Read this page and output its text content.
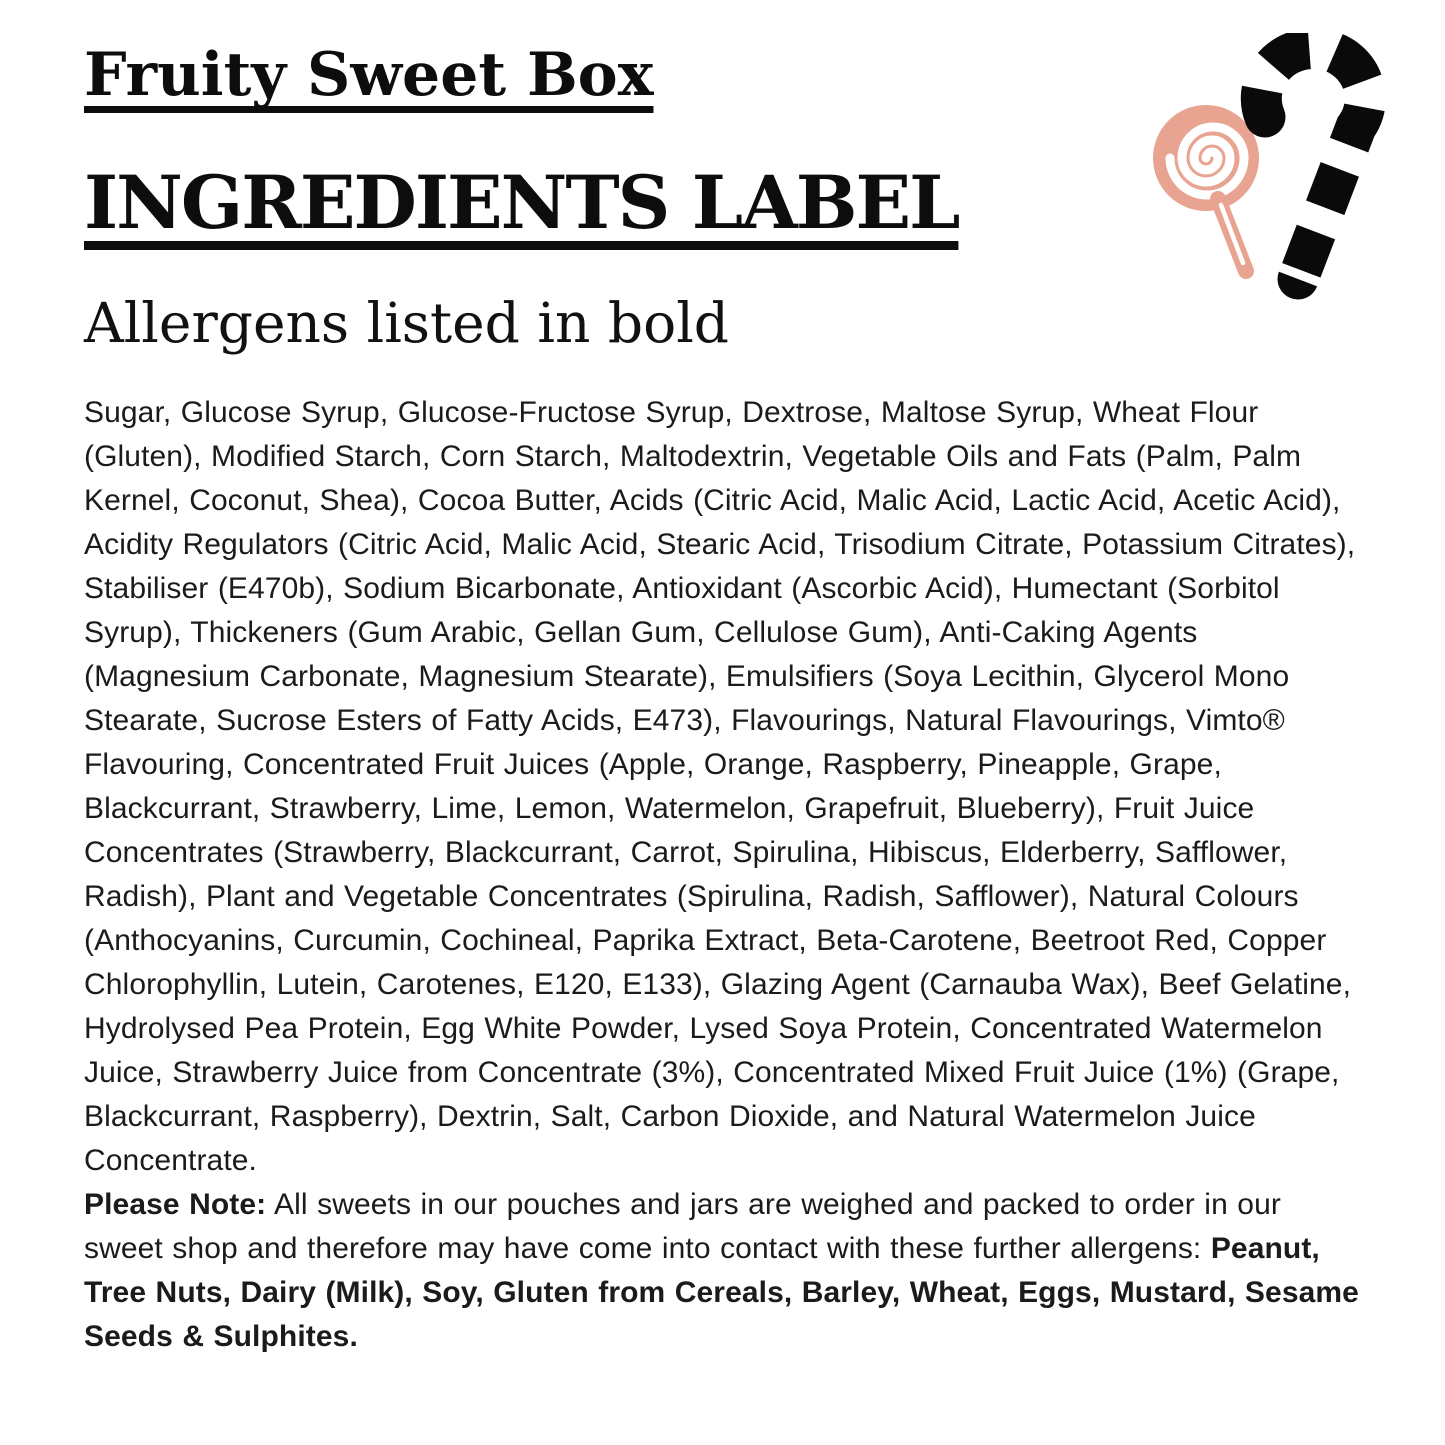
Fruity Sweet Box
INGREDIENTS LABEL
Allergens listed in bold

Sugar, Glucose Syrup, Glucose-Fructose Syrup, Dextrose, Maltose Syrup, Wheat Flour (Gluten), Modified Starch, Corn Starch, Maltodextrin, Vegetable Oils and Fats (Palm, Palm Kernel, Coconut, Shea), Cocoa Butter, Acids (Citric Acid, Malic Acid, Lactic Acid, Acetic Acid), Acidity Regulators (Citric Acid, Malic Acid, Stearic Acid, Trisodium Citrate, Potassium Citrates), Stabiliser (E470b), Sodium Bicarbonate, Antioxidant (Ascorbic Acid), Humectant (Sorbitol Syrup), Thickeners (Gum Arabic, Gellan Gum, Cellulose Gum), Anti-Caking Agents (Magnesium Carbonate, Magnesium Stearate), Emulsifiers (Soya Lecithin, Glycerol Mono Stearate, Sucrose Esters of Fatty Acids, E473), Flavourings, Natural Flavourings, Vimto® Flavouring, Concentrated Fruit Juices (Apple, Orange, Raspberry, Pineapple, Grape, Blackcurrant, Strawberry, Lime, Lemon, Watermelon, Grapefruit, Blueberry), Fruit Juice Concentrates (Strawberry, Blackcurrant, Carrot, Spirulina, Hibiscus, Elderberry, Safflower, Radish), Plant and Vegetable Concentrates (Spirulina, Radish, Safflower), Natural Colours (Anthocyanins, Curcumin, Cochineal, Paprika Extract, Beta-Carotene, Beetroot Red, Copper Chlorophyllin, Lutein, Carotenes, E120, E133), Glazing Agent (Carnauba Wax), Beef Gelatine, Hydrolysed Pea Protein, Egg White Powder, Lysed Soya Protein, Concentrated Watermelon Juice, Strawberry Juice from Concentrate (3%), Concentrated Mixed Fruit Juice (1%) (Grape, Blackcurrant, Raspberry), Dextrin, Salt, Carbon Dioxide, and Natural Watermelon Juice Concentrate.

Please Note: All sweets in our pouches and jars are weighed and packed to order in our sweet shop and therefore may have come into contact with these further allergens: Peanut, Tree Nuts, Dairy (Milk), Soy, Gluten from Cereals, Barley, Wheat, Eggs, Mustard, Sesame Seeds & Sulphites.
